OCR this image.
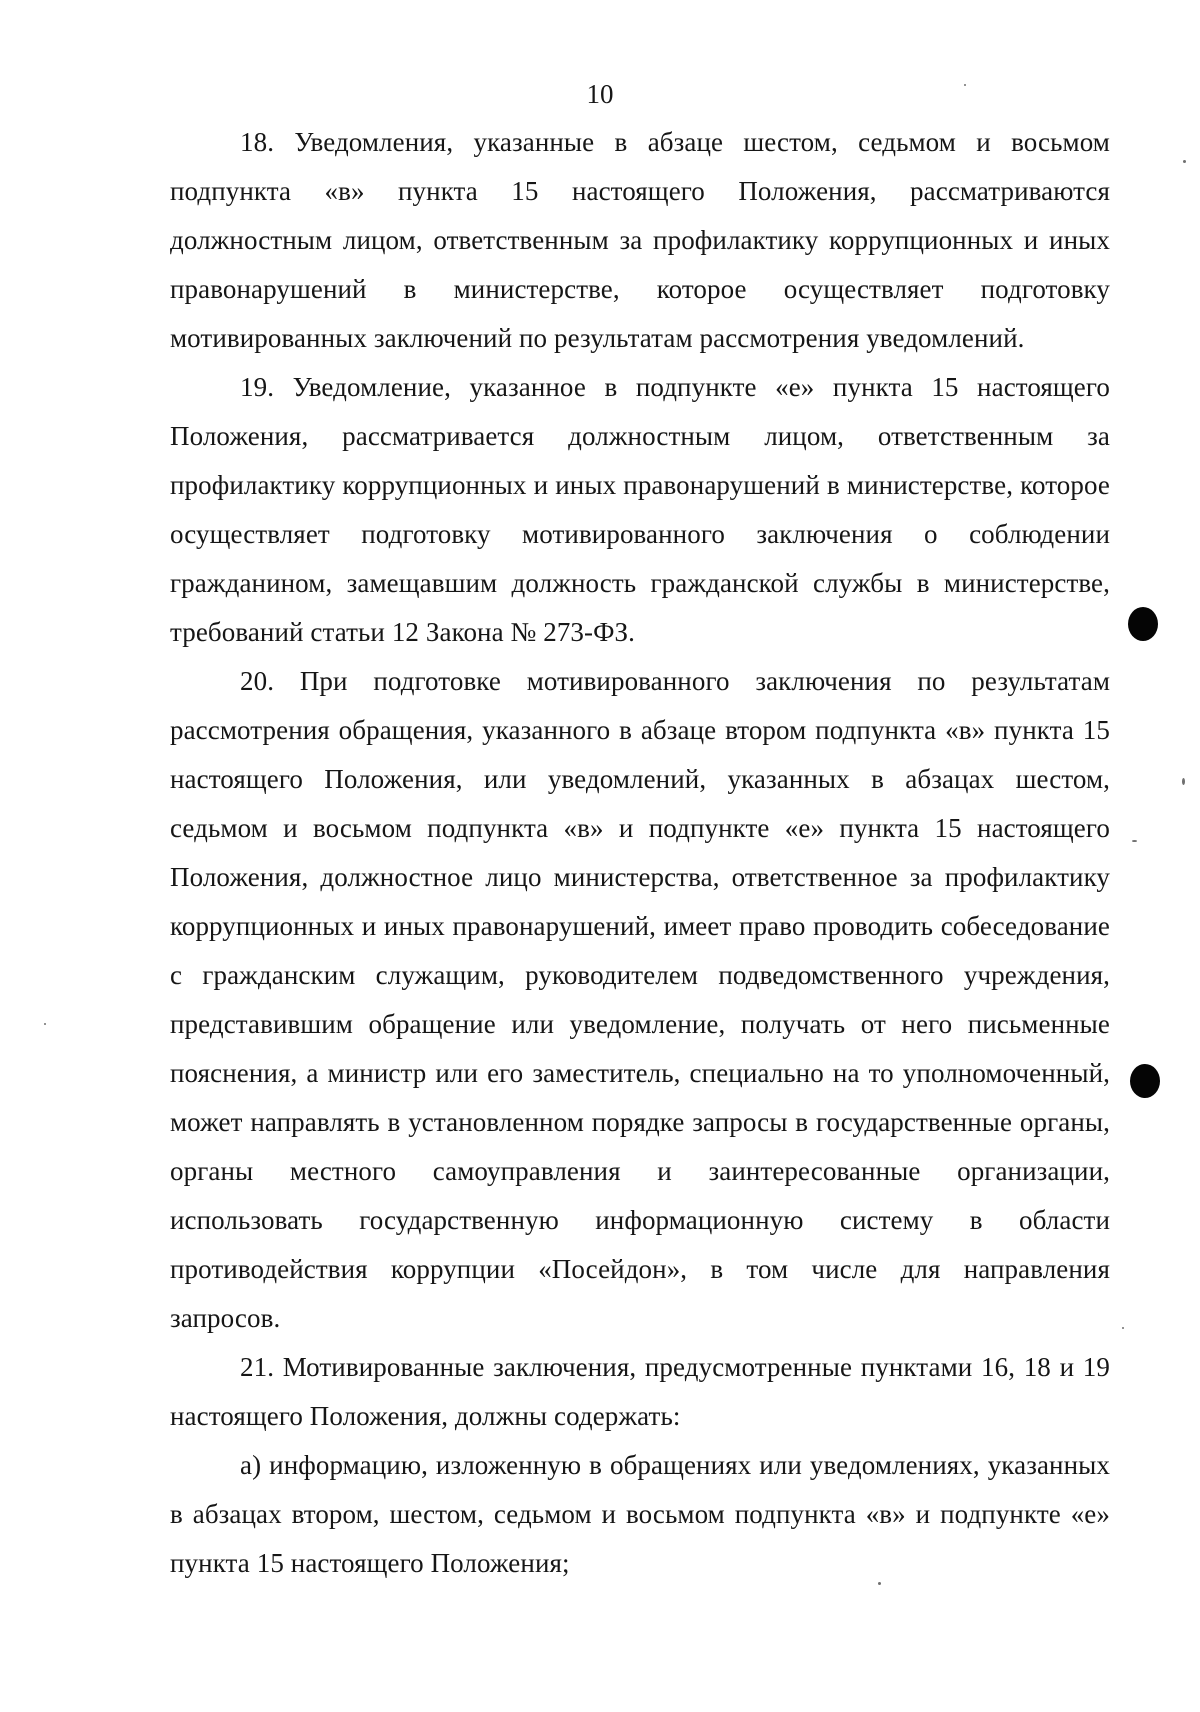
10

18. Уведомления, указанные в абзаце шестом, седьмом и восьмом подпункта «в» пункта 15 настоящего Положения, рассматриваются должностным лицом, ответственным за профилактику коррупционных и иных правонарушений в министерстве, которое осуществляет подготовку мотивированных заключений по результатам рассмотрения уведомлений.

19. Уведомление, указанное в подпункте «е» пункта 15 настоящего Положения, рассматривается должностным лицом, ответственным за профилактику коррупционных и иных правонарушений в министерстве, которое осуществляет подготовку мотивированного заключения о соблюдении гражданином, замещавшим должность гражданской службы в министерстве, требований статьи 12 Закона № 273-ФЗ.

20. При подготовке мотивированного заключения по результатам рассмотрения обращения, указанного в абзаце втором подпункта «в» пункта 15 настоящего Положения, или уведомлений, указанных в абзацах шестом, седьмом и восьмом подпункта «в» и подпункте «е» пункта 15 настоящего Положения, должностное лицо министерства, ответственное за профилактику коррупционных и иных правонарушений, имеет право проводить собеседование с гражданским служащим, руководителем подведомственного учреждения, представившим обращение или уведомление, получать от него письменные пояснения, а министр или его заместитель, специально на то уполномоченный, может направлять в установленном порядке запросы в государственные органы, органы местного самоуправления и заинтересованные организации, использовать государственную информационную систему в области противодействия коррупции «Посейдон», в том числе для направления запросов.

21. Мотивированные заключения, предусмотренные пунктами 16, 18 и 19 настоящего Положения, должны содержать:

а) информацию, изложенную в обращениях или уведомлениях, указанных в абзацах втором, шестом, седьмом и восьмом подпункта «в» и подпункте «е» пункта 15 настоящего Положения;
